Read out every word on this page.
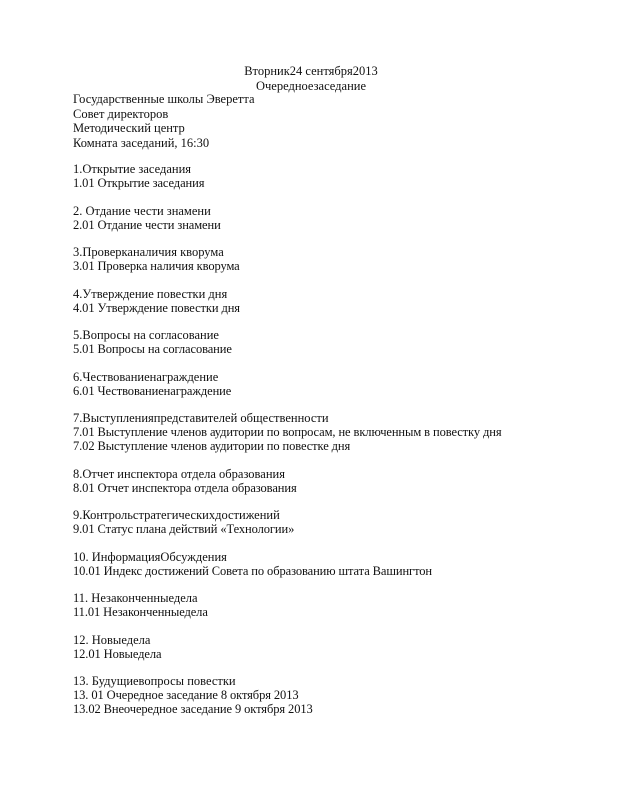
Вторник24 сентября2013
Очередноезаседание
Государственные школы Эверетта
Совет директоров
Методический центр
Комната заседаний, 16:30
1.Открытие заседания
1.01 Открытие заседания
2. Отдание чести знамени
2.01 Отдание чести знамени
3.Проверканаличия кворума
3.01 Проверка наличия кворума
4.Утверждение повестки дня
4.01 Утверждение повестки дня
5.Вопросы на согласование
5.01 Вопросы на согласование
6.Чествованиенаграждение
6.01 Чествованиенаграждение
7.Выступленияпредставителей общественности
7.01 Выступление членов аудитории по вопросам, не включенным в повестку дня
7.02 Выступление членов аудитории по повестке дня
8.Отчет инспектора отдела образования
8.01 Отчет инспектора отдела образования
9.Контрольстратегическихдостижений
9.01 Статус плана действий «Технологии»
10. ИнформацияОбсуждения
10.01 Индекс достижений Совета по образованию штата Вашингтон
11. Незаконченныедела
11.01 Незаконченныедела
12. Новыедела
12.01 Новыедела
13. Будущиевопросы повестки
13. 01 Очередное заседание 8 октября 2013
13.02 Внеочередное заседание 9 октября 2013
